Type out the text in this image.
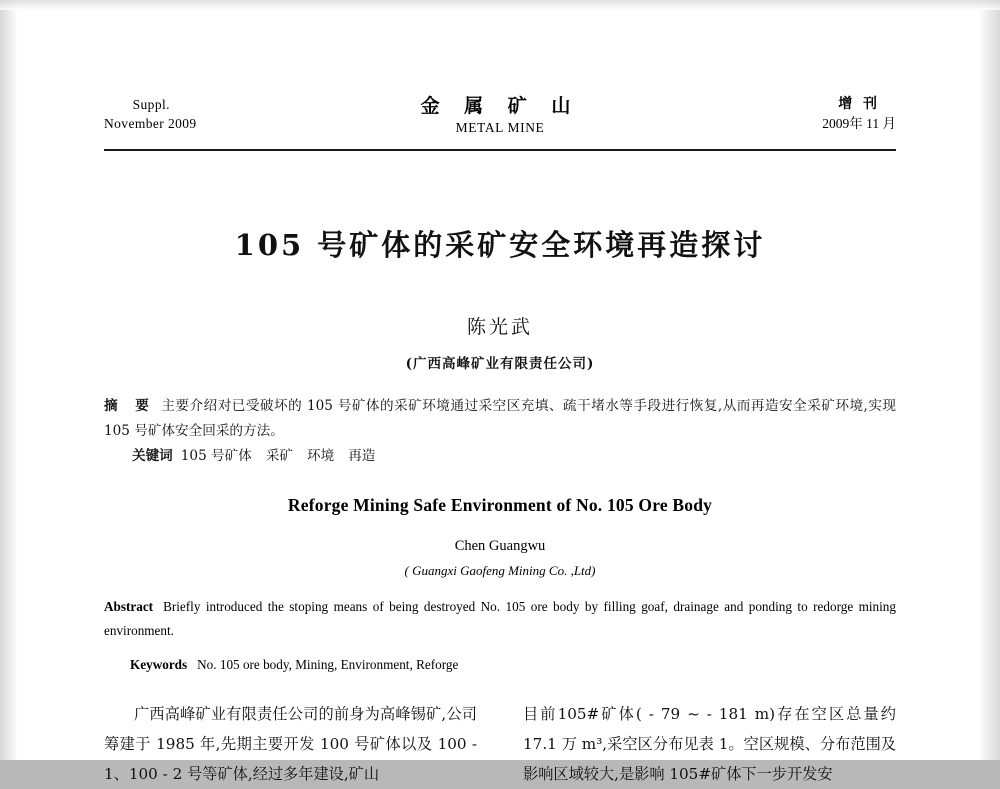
Suppl.
November 2009
金 属 矿 山
METAL MINE
增 刊
2009年 11 月
105 号矿体的采矿安全环境再造探讨
陈光武
(广西高峰矿业有限责任公司)
摘 要 主要介绍对已受破坏的 105 号矿体的采矿环境通过采空区充填、疏干堵水等手段进行恢复,从而再造安全采矿环境,实现 105 号矿体安全回采的方法。
关键词 105 号矿体 采矿 环境 再造
Reforge Mining Safe Environment of No. 105 Ore Body
Chen Guangwu
( Guangxi Gaofeng Mining Co. ,Ltd)
Abstract Briefly introduced the stoping means of being destroyed No. 105 ore body by filling goaf, drainage and ponding to redorge mining environment.
Keywords No. 105 ore body, Mining, Environment, Reforge

广西高峰矿业有限责任公司的前身为高峰锡矿,公司筹建于 1985 年,先期主要开发 100 号矿体以及 100 - 1、100 - 2 号等矿体,经过多年建设,矿山

目前105#矿体( - 79 ~ - 181 m)存在空区总量约 17.1 万 m³,采空区分布见表 1。空区规模、分布范围及影响区域较大,是影响 105#矿体下一步开发安
